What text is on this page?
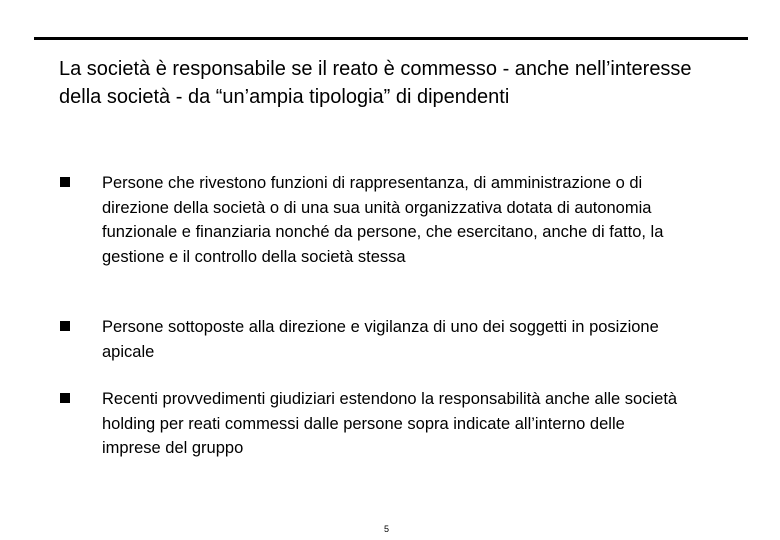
La società è responsabile se il reato è commesso - anche nell’interesse della società - da “un’ampia tipologia” di dipendenti
Persone che rivestono funzioni di rappresentanza, di amministrazione o di direzione della società o di una sua unità organizzativa dotata di autonomia funzionale e finanziaria nonché da persone, che esercitano, anche di fatto, la gestione e il controllo della società stessa
Persone sottoposte alla direzione e vigilanza di uno dei soggetti in posizione apicale
Recenti provvedimenti giudiziari estendono la responsabilità anche alle società holding per reati commessi dalle persone sopra indicate all’interno delle imprese del gruppo
5
